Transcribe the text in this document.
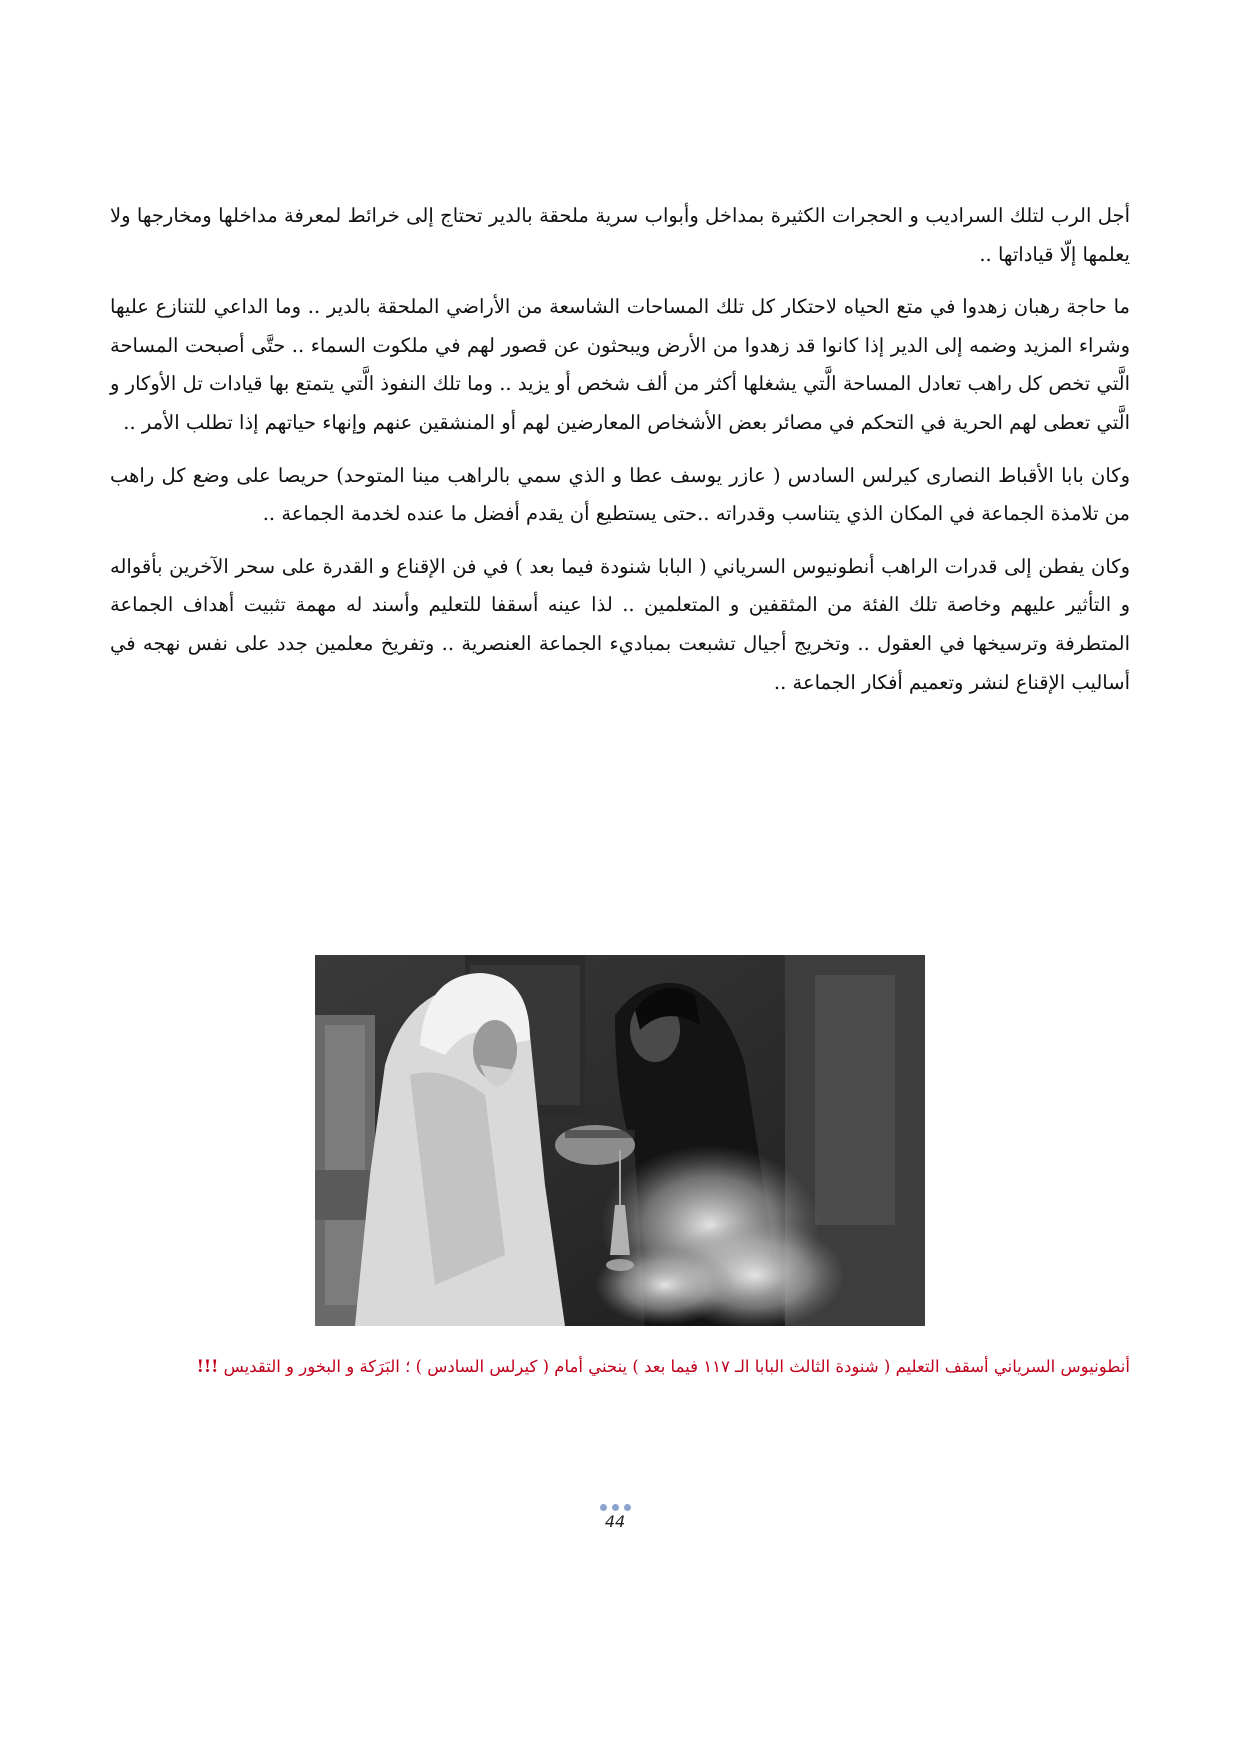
أجل الرب لتلك السراديب و الحجرات الكثيرة بمداخل وأبواب سرية ملحقة بالدير تحتاج إلى خرائط لمعرفة مداخلها ومخارجها ولا يعلمها إلّا قياداتها ..

ما حاجة رهبان زهدوا في متع الحياه لاحتكار كل تلك المساحات الشاسعة من الأراضي الملحقة بالدير .. وما الداعي للتنازع عليها وشراء المزيد وضمه إلى الدير إذا كانوا قد زهدوا من الأرض ويبحثون عن قصور لهم في ملكوت السماء .. حتَّى أصبحت المساحة الَّتي تخص كل راهب تعادل المساحة الَّتي يشغلها أكثر من ألف شخص أو يزيد .. وما تلك النفوذ الَّتي يتمتع بها قيادات تل الأوكار و الَّتي تعطى لهم الحرية في التحكم في مصائر بعض الأشخاص المعارضين لهم أو المنشقين عنهم وإنهاء حياتهم إذا تطلب الأمر ..

وكان بابا الأقباط النصارى كيرلس السادس ( عازر يوسف عطا و الذي سمي بالراهب مينا المتوحد) حريصا على وضع كل راهب من تلامذة الجماعة في المكان الذي يتناسب وقدراته ..حتى يستطيع أن يقدم أفضل ما عنده لخدمة الجماعة ..

وكان يفطن إلى قدرات الراهب أنطونيوس السرياني ( البابا شنودة فيما بعد ) في فن الإقناع و القدرة على سحر الآخرين بأقواله و التأثير عليهم وخاصة تلك الفئة من المثقفين و المتعلمين .. لذا عينه أسقفا للتعليم وأسند له مهمة تثبيت أهداف الجماعة المتطرفة وترسيخها في العقول .. وتخريج أجيال تشبعت بمباديء الجماعة العنصرية .. وتفريخ معلمين جدد على نفس نهجه في أساليب الإقناع لنشر وتعميم أفكار الجماعة ..

أنطونيوس السرياني أسقف التعليم ( شنودة الثالث البابا الـ ١١٧ فيما بعد ) ينحني أمام ( كيرلس السادس ) ؛ البَرَكة و البخور و التقديس !!!
44
